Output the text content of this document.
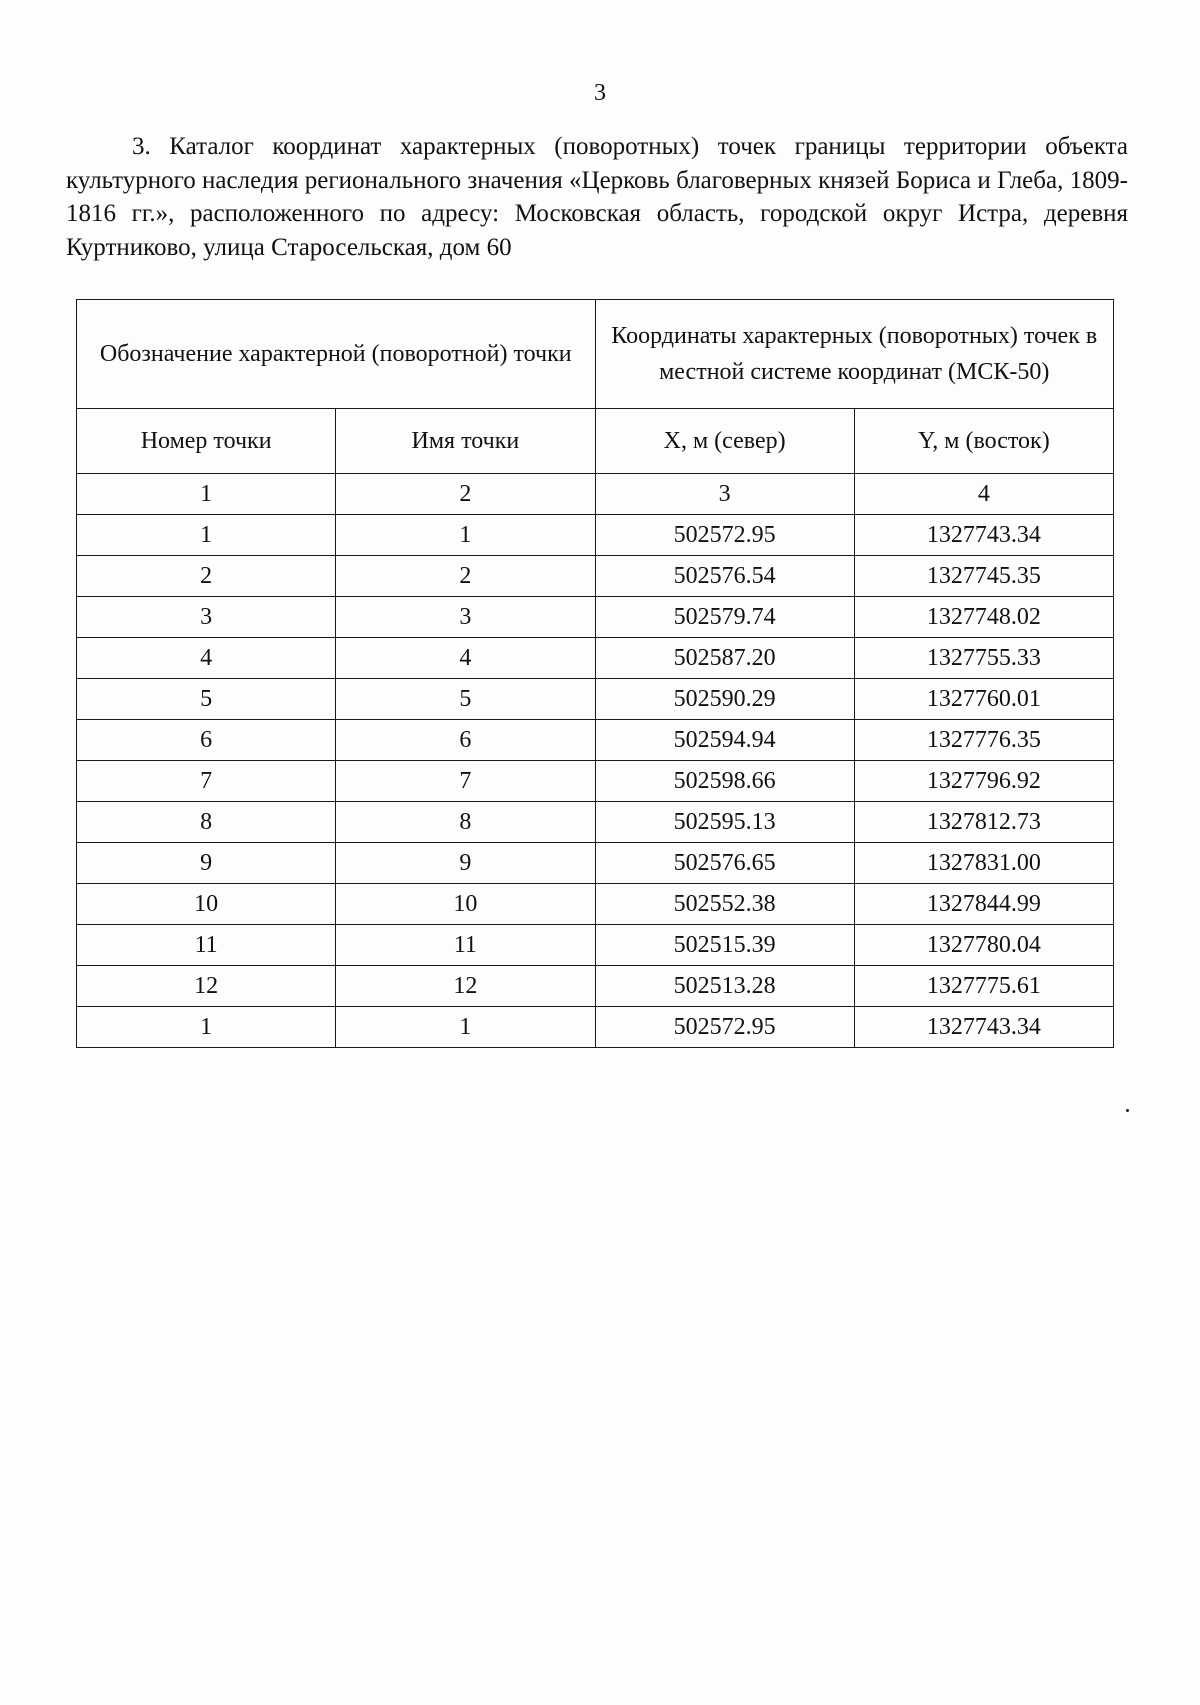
3

3. Каталог координат характерных (поворотных) точек границы территории объекта культурного наследия регионального значения «Церковь благоверных князей Бориса и Глеба, 1809-1816 гг.», расположенного по адресу: Московская область, городской округ Истра, деревня Куртниково, улица Старосельская, дом 60

Обозначение характерной (поворотной) точки		Координаты характерных (поворотных) точек в местной системе координат (МСК-50)	
Номер точки	Имя точки	X, м (север)	Y, м (восток)
1	2	3	4
1	1	502572.95	1327743.34
2	2	502576.54	1327745.35
3	3	502579.74	1327748.02
4	4	502587.20	1327755.33
5	5	502590.29	1327760.01
6	6	502594.94	1327776.35
7	7	502598.66	1327796.92
8	8	502595.13	1327812.73
9	9	502576.65	1327831.00
10	10	502552.38	1327844.99
11	11	502515.39	1327780.04
12	12	502513.28	1327775.61
1	1	502572.95	1327743.34
